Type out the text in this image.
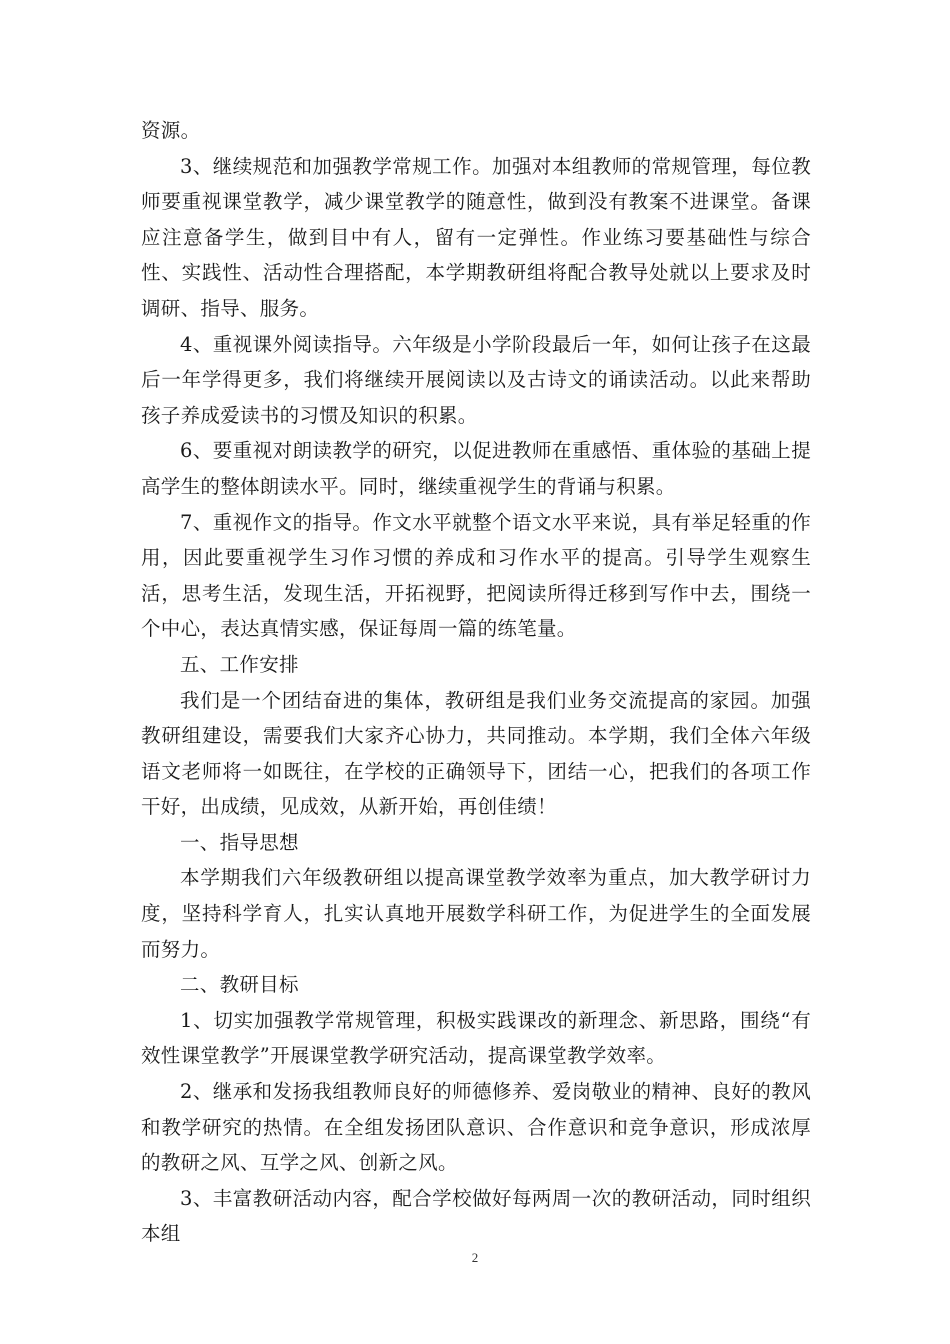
资源。

3、继续规范和加强教学常规工作。加强对本组教师的常规管理，每位教师要重视课堂教学，减少课堂教学的随意性，做到没有教案不进课堂。备课应注意备学生，做到目中有人，留有一定弹性。作业练习要基础性与综合性、实践性、活动性合理搭配，本学期教研组将配合教导处就以上要求及时调研、指导、服务。

4、重视课外阅读指导。六年级是小学阶段最后一年，如何让孩子在这最后一年学得更多，我们将继续开展阅读以及古诗文的诵读活动。以此来帮助孩子养成爱读书的习惯及知识的积累。

6、要重视对朗读教学的研究，以促进教师在重感悟、重体验的基础上提高学生的整体朗读水平。同时，继续重视学生的背诵与积累。

7、重视作文的指导。作文水平就整个语文水平来说，具有举足轻重的作用，因此要重视学生习作习惯的养成和习作水平的提高。引导学生观察生活，思考生活，发现生活，开拓视野，把阅读所得迁移到写作中去，围绕一个中心，表达真情实感，保证每周一篇的练笔量。

五、工作安排

我们是一个团结奋进的集体，教研组是我们业务交流提高的家园。加强教研组建设，需要我们大家齐心协力，共同推动。本学期，我们全体六年级语文老师将一如既往，在学校的正确领导下，团结一心，把我们的各项工作干好，出成绩，见成效，从新开始，再创佳绩！

一、指导思想

本学期我们六年级教研组以提高课堂教学效率为重点，加大教学研讨力度，坚持科学育人，扎实认真地开展数学科研工作，为促进学生的全面发展而努力。

二、教研目标

1、切实加强教学常规管理，积极实践课改的新理念、新思路，围绕“有效性课堂教学”开展课堂教学研究活动，提高课堂教学效率。

2、继承和发扬我组教师良好的师德修养、爱岗敬业的精神、良好的教风和教学研究的热情。在全组发扬团队意识、合作意识和竞争意识，形成浓厚的教研之风、互学之风、创新之风。

3、丰富教研活动内容，配合学校做好每两周一次的教研活动，同时组织本组

2
